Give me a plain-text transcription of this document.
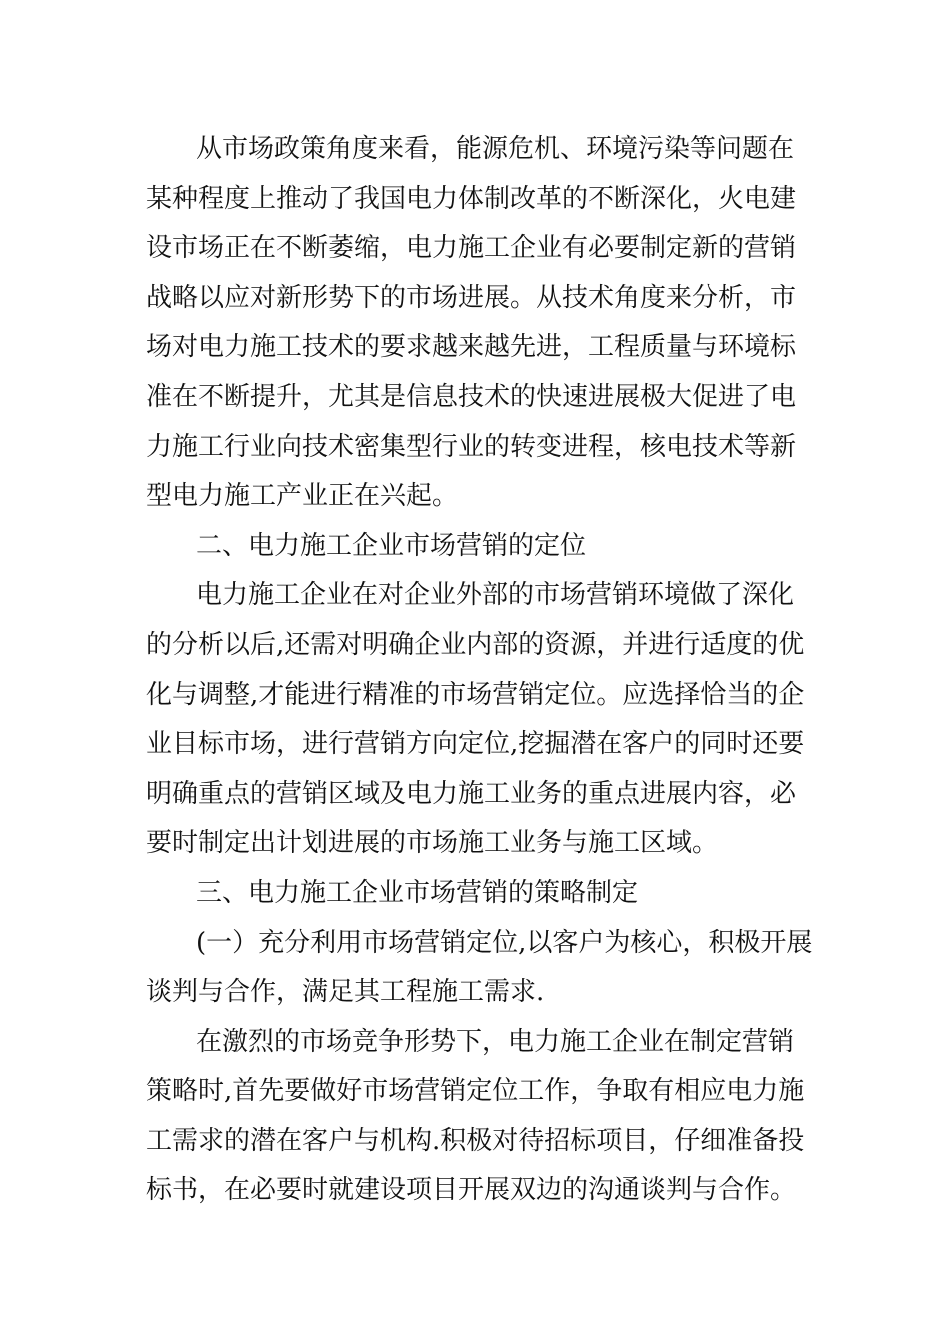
从市场政策角度来看，能源危机、环境污染等问题在
某种程度上推动了我国电力体制改革的不断深化，火电建
设市场正在不断萎缩，电力施工企业有必要制定新的营销
战略以应对新形势下的市场进展。从技术角度来分析，市
场对电力施工技术的要求越来越先进，工程质量与环境标
准在不断提升，尤其是信息技术的快速进展极大促进了电
力施工行业向技术密集型行业的转变进程，核电技术等新
型电力施工产业正在兴起。
二、电力施工企业市场营销的定位
电力施工企业在对企业外部的市场营销环境做了深化
的分析以后,还需对明确企业内部的资源，并进行适度的优
化与调整,才能进行精准的市场营销定位。应选择恰当的企
业目标市场，进行营销方向定位,挖掘潜在客户的同时还要
明确重点的营销区域及电力施工业务的重点进展内容，必
要时制定出计划进展的市场施工业务与施工区域。
三、电力施工企业市场营销的策略制定
(一）充分利用市场营销定位,以客户为核心，积极开展
谈判与合作，满足其工程施工需求.
在激烈的市场竞争形势下，电力施工企业在制定营销
策略时,首先要做好市场营销定位工作，争取有相应电力施
工需求的潜在客户与机构.积极对待招标项目，仔细准备投
标书，在必要时就建设项目开展双边的沟通谈判与合作。
